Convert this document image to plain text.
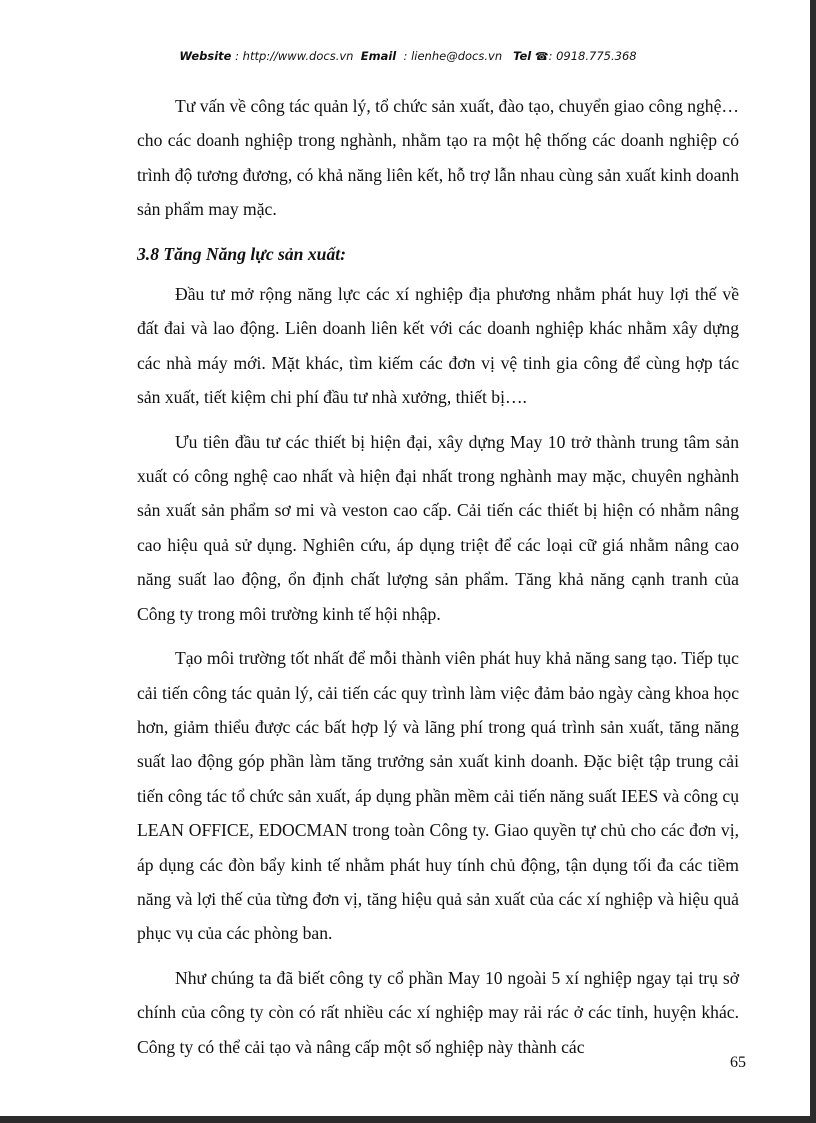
Website : http://www.docs.vn Email  : lienhe@docs.vn Tel ☎: 0918.775.368

Tư vấn về công tác quản lý, tổ chức sản xuất, đào tạo, chuyển giao công nghệ… cho các doanh nghiệp trong nghành, nhằm tạo ra một hệ thống các doanh nghiệp có trình độ tương đương, có khả năng liên kết, hỗ trợ lẫn nhau cùng sản xuất kinh doanh sản phẩm may mặc.

3.8 Tăng Năng lực sản xuất:

Đầu tư mở rộng năng lực các xí nghiệp địa phương nhằm phát huy lợi thế về đất đai và lao động. Liên doanh liên kết với các doanh nghiệp khác nhằm xây dựng các nhà máy mới. Mặt khác, tìm kiếm các đơn vị vệ tinh gia công để cùng hợp tác sản xuất, tiết kiệm chi phí đầu tư nhà xưởng, thiết bị….

Ưu tiên đầu tư các thiết bị hiện đại, xây dựng May 10 trở thành trung tâm sản xuất có công nghệ cao nhất và hiện đại nhất trong nghành may mặc, chuyên nghành sản xuất sản phẩm sơ mi và veston cao cấp. Cải tiến các thiết bị hiện có nhằm nâng cao hiệu quả sử dụng. Nghiên cứu, áp dụng triệt để các loại cữ giá nhằm nâng cao năng suất lao động, ổn định chất lượng sản phẩm. Tăng khả năng cạnh tranh của Công ty trong môi trường kinh tế hội nhập.

Tạo môi trường tốt nhất để mỗi thành viên phát huy khả năng sang tạo. Tiếp tục cải tiến công tác quản lý, cải tiến các quy trình làm việc đảm bảo ngày càng khoa học hơn, giảm thiểu được các bất hợp lý và lãng phí trong quá trình sản xuất, tăng năng suất lao động góp phần làm tăng trưởng sản xuất kinh doanh. Đặc biệt tập trung cải tiến công tác tổ chức sản xuất, áp dụng phần mềm cải tiến năng suất IEES và công cụ LEAN OFFICE, EDOCMAN trong toàn Công ty. Giao quyền tự chủ cho các đơn vị, áp dụng các đòn bẩy kinh tế nhằm phát huy tính chủ động, tận dụng tối đa các tiềm năng và lợi thế của từng đơn vị, tăng hiệu quả sản xuất của các xí nghiệp và hiệu quả phục vụ của các phòng ban.

Như chúng ta đã biết công ty cổ phần May 10 ngoài 5 xí nghiệp ngay tại trụ sở chính của công ty còn có rất nhiều các xí nghiệp may rải rác ở các tỉnh, huyện khác. Công ty có thể cải tạo và nâng cấp một số nghiệp này thành các

65
